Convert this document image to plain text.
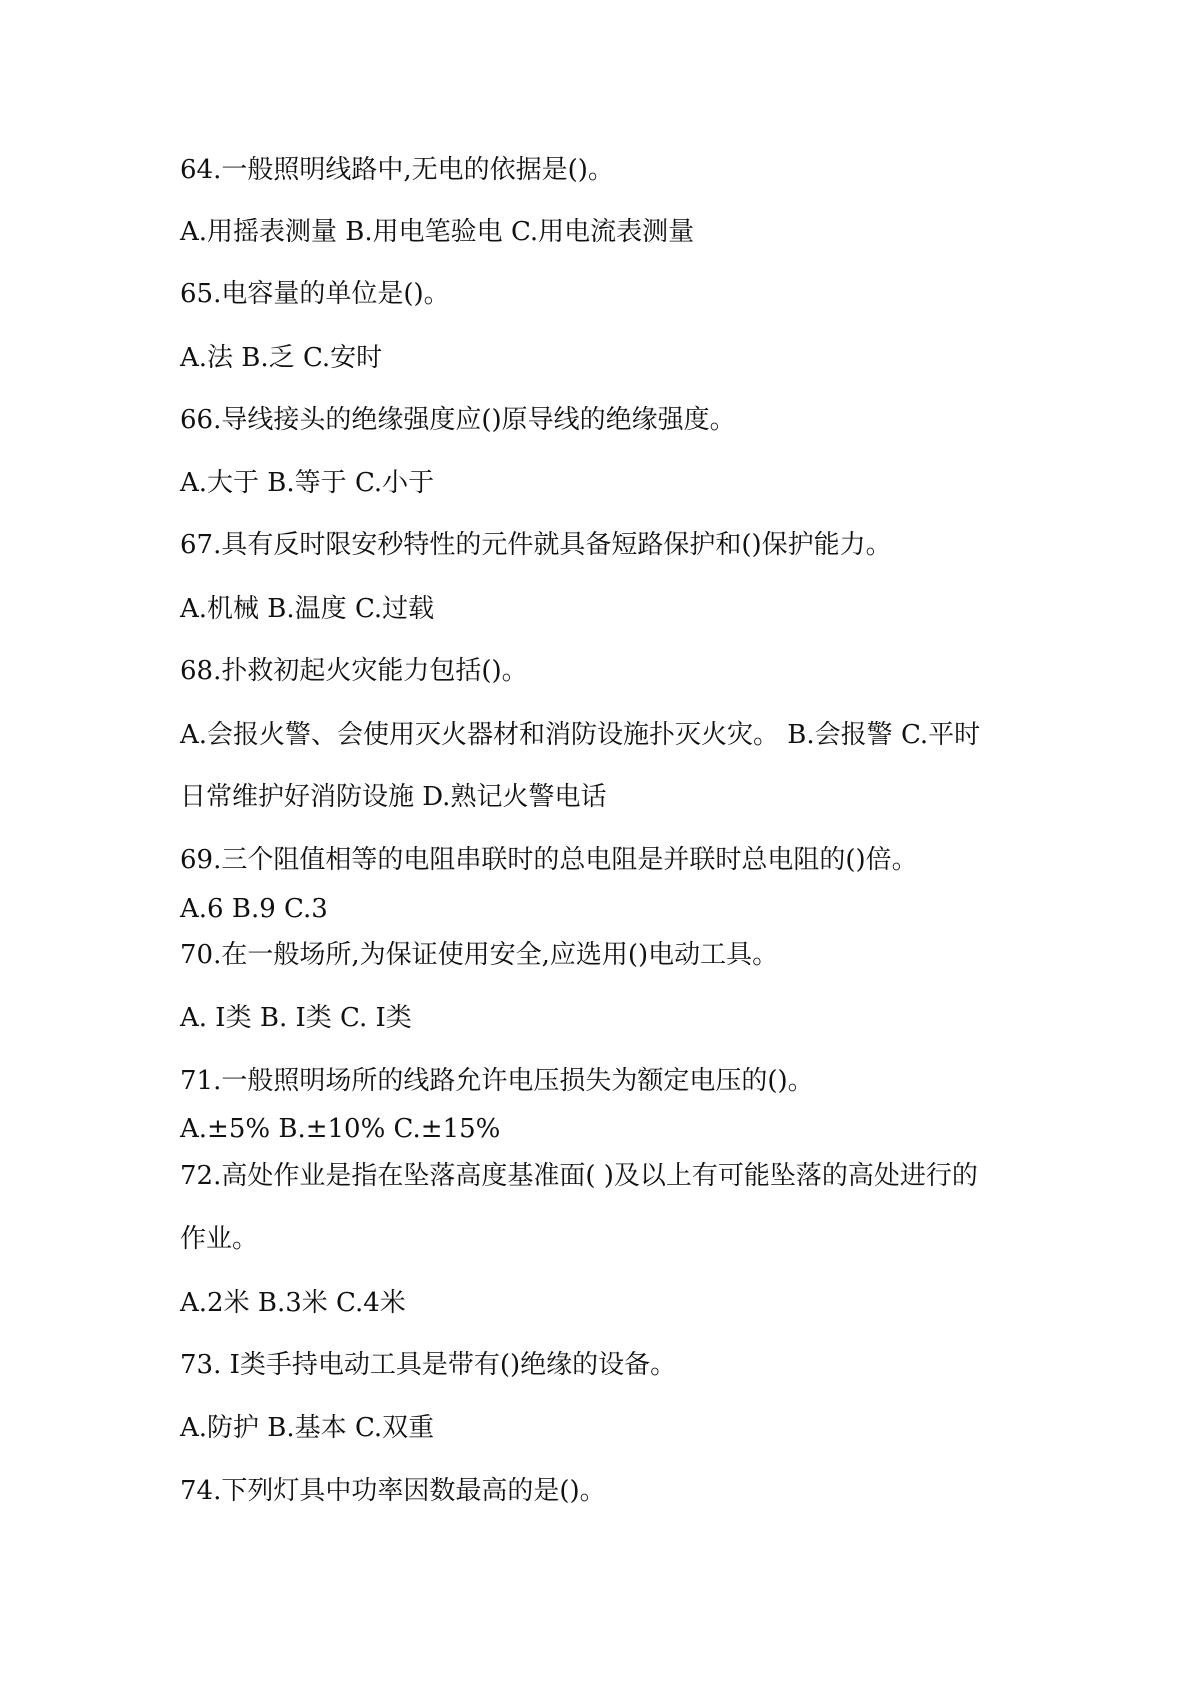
64.一般照明线路中,无电的依据是()。
A.用摇表测量 B.用电笔验电 C.用电流表测量
65.电容量的单位是()。
A.法 B.乏 C.安时
66.导线接头的绝缘强度应()原导线的绝缘强度。
A.大于 B.等于 C.小于
67.具有反时限安秒特性的元件就具备短路保护和()保护能力。
A.机械 B.温度 C.过载
68.扑救初起火灾能力包括()。
A.会报火警、会使用灭火器材和消防设施扑灭火灾。 B.会报警 C.平时
日常维护好消防设施 D.熟记火警电话
69.三个阻值相等的电阻串联时的总电阻是并联时总电阻的()倍。
A.6 B.9 C.3
70.在一般场所,为保证使用安全,应选用()电动工具。
A. Ⅰ类 B. Ⅰ类 C. Ⅰ类
71.一般照明场所的线路允许电压损失为额定电压的()。
A.±5% B.±10% C.±15%
72.高处作业是指在坠落高度基准面( )及以上有可能坠落的高处进行的
作业。
A.2米 B.3米 C.4米
73. Ⅰ类手持电动工具是带有()绝缘的设备。
A.防护 B.基本 C.双重
74.下列灯具中功率因数最高的是()。
